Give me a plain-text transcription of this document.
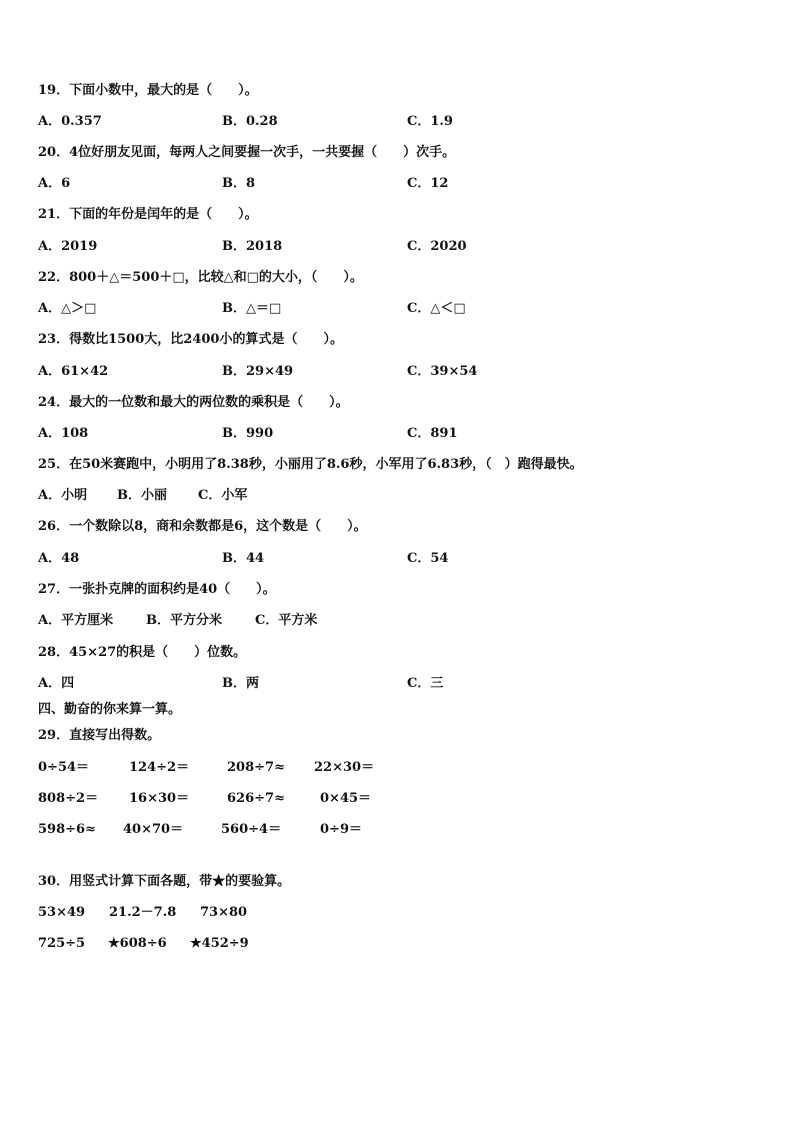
19．下面小数中，最大的是（　　）。
A．0.357	B．0.28	C．1.9
20．4位好朋友见面，每两人之间要握一次手，一共要握（　　）次手。
A．6	B．8	C．12
21．下面的年份是闰年的是（　　）。
A．2019	B．2018	C．2020
22．800＋△＝500＋□，比较△和□的大小，（　　）。
A．△＞□	B．△＝□	C．△＜□
23．得数比1500大，比2400小的算式是（　　）。
A．61×42	B．29×49	C．39×54
24．最大的一位数和最大的两位数的乘积是（　　）。
A．108	B．990	C．891
25．在50米赛跑中，小明用了8.38秒，小丽用了8.6秒，小军用了6.83秒，（　）跑得最快。
A．小明 B．小丽 C．小军
26．一个数除以8，商和余数都是6，这个数是（　　）。
A．48	B．44	C．54
27．一张扑克牌的面积约是40（　　）。
A．平方厘米	B．平方分米	C．平方米
28．45×27的积是（　　）位数。
A．四	B．两	C．三
四、勤奋的你来算一算。
29．直接写出得数。
0÷54＝	124÷2＝	208÷7≈ 22×30＝
808÷2＝ 16×30＝	626÷7≈	0×45＝
598÷6≈ 40×70＝	560÷4＝	0÷9＝
30．用竖式计算下面各题，带★的要验算。
53×49 21.2－7.8 73×80
725÷5 ★608÷6 ★452÷9
